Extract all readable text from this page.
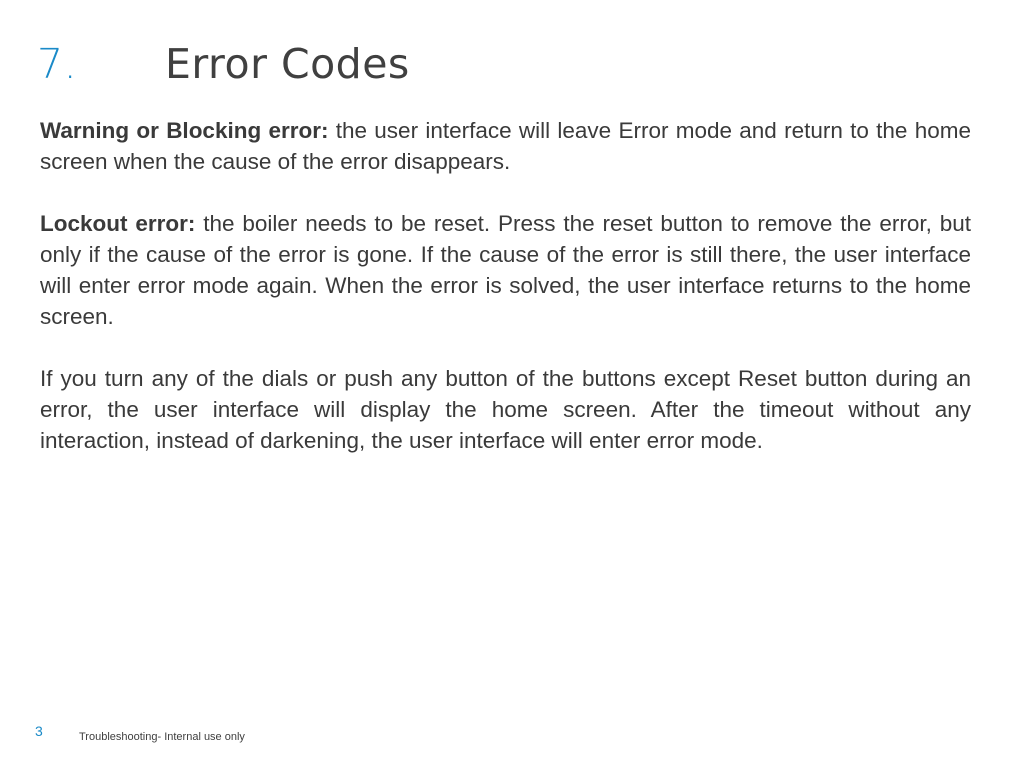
7.	Error Codes

Warning or Blocking error: the user interface will leave Error mode and return to the home screen when the cause of the error disappears.

Lockout error: the boiler needs to be reset. Press the reset button to remove the error, but only if the cause of the error is gone. If the cause of the error is still there, the user interface will enter error mode again. When the error is solved, the user interface returns to the home screen.

If you turn any of the dials or push any button of the buttons except Reset button during an error, the user interface will display the home screen. After the timeout without any interaction, instead of darkening, the user interface will enter error mode.

3	Troubleshooting- Internal use only
